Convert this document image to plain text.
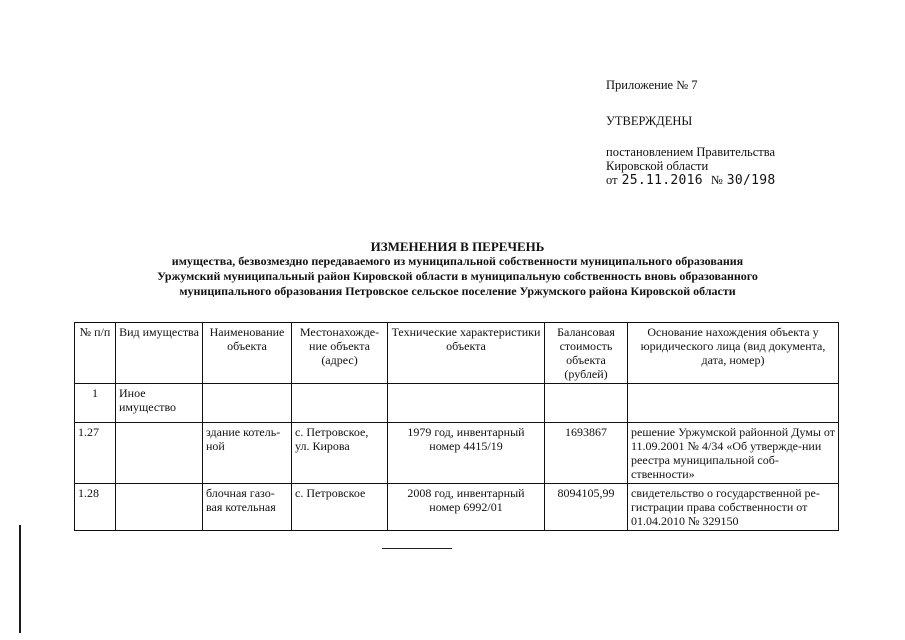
Приложение № 7
УТВЕРЖДЕНЫ
постановлением Правительства
Кировской области
от 25.11.2016 № 30/198
ИЗМЕНЕНИЯ В ПЕРЕЧЕНЬ
имущества, безвозмездно передаваемого из муниципальной собственности муниципального образования
Уржумский муниципальный район Кировской области в муниципальную собственность вновь образованного
муниципального образования Петровское сельское поселение Уржумского района Кировской области
№ п/п	Вид имущества	Наименование объекта	Местонахожде-ние объекта (адрес)	Технические характеристики объекта	Балансовая стоимость объекта (рублей)	Основание нахождения объекта у юридического лица (вид документа, дата, номер)
1	Иное имущество					
1.27		здание котель-ной	с. Петровское, ул. Кирова	1979 год, инвентарный номер 4415/19	1693867	решение Уржумской районной Думы от 11.09.2001 № 4/34 «Об утвержде-нии реестра муниципальной соб-ственности»
1.28		блочная газо-вая котельная	с. Петровское	2008 год, инвентарный номер 6992/01	8094105,99	свидетельство о государственной ре-гистрации права собственности от 01.04.2010 № 329150
